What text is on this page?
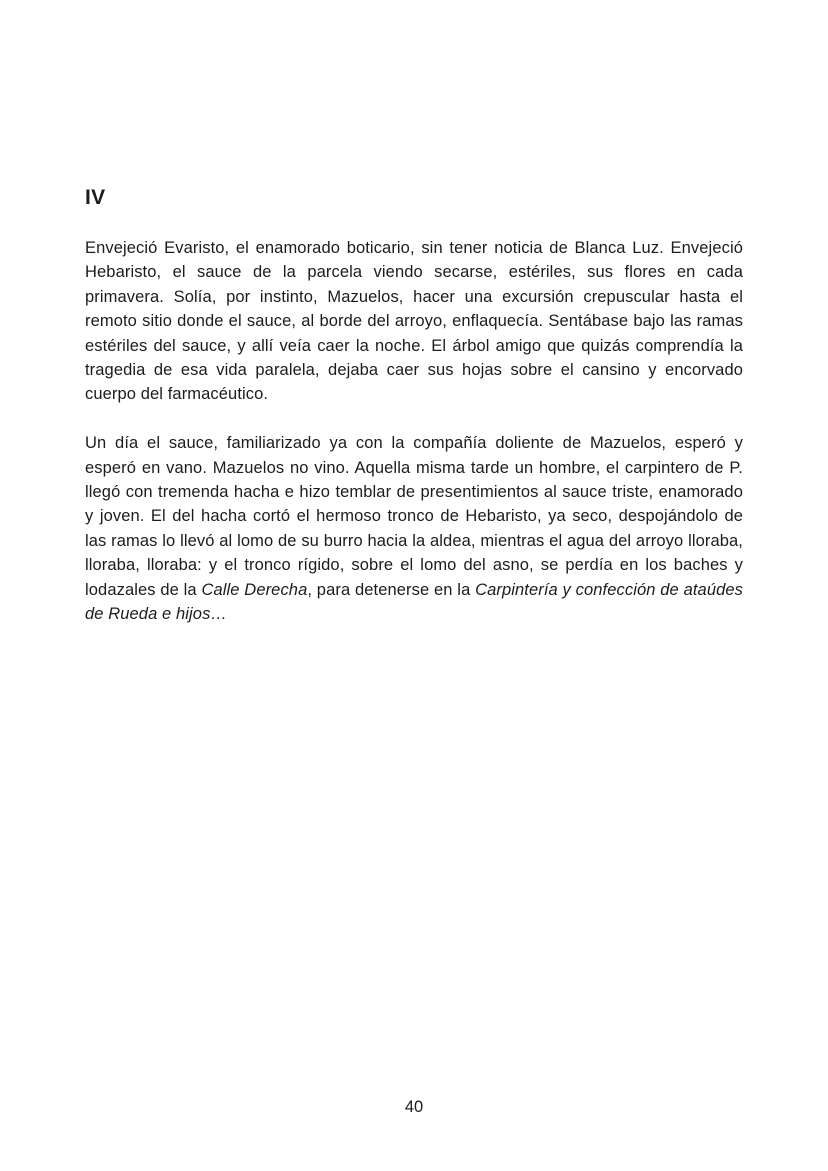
IV

Envejeció Evaristo, el enamorado boticario, sin tener noticia de Blanca Luz. Envejeció Hebaristo, el sauce de la parcela viendo secarse, estériles, sus flores en cada primavera. Solía, por instinto, Mazuelos, hacer una excursión crepuscular hasta el remoto sitio donde el sauce, al borde del arroyo, enflaquecía. Sentábase bajo las ramas estériles del sauce, y allí veía caer la noche. El árbol amigo que quizás comprendía la tragedia de esa vida paralela, dejaba caer sus hojas sobre el cansino y encorvado cuerpo del farmacéutico.

Un día el sauce, familiarizado ya con la compañía doliente de Mazuelos, esperó y esperó en vano. Mazuelos no vino. Aquella misma tarde un hombre, el carpintero de P. llegó con tremenda hacha e hizo temblar de presentimientos al sauce triste, enamorado y joven. El del hacha cortó el hermoso tronco de Hebaristo, ya seco, despojándolo de las ramas lo llevó al lomo de su burro hacia la aldea, mientras el agua del arroyo lloraba, lloraba, lloraba: y el tronco rígido, sobre el lomo del asno, se perdía en los baches y lodazales de la Calle Derecha, para detenerse en la Carpintería y confección de ataúdes de Rueda e hijos…

40
